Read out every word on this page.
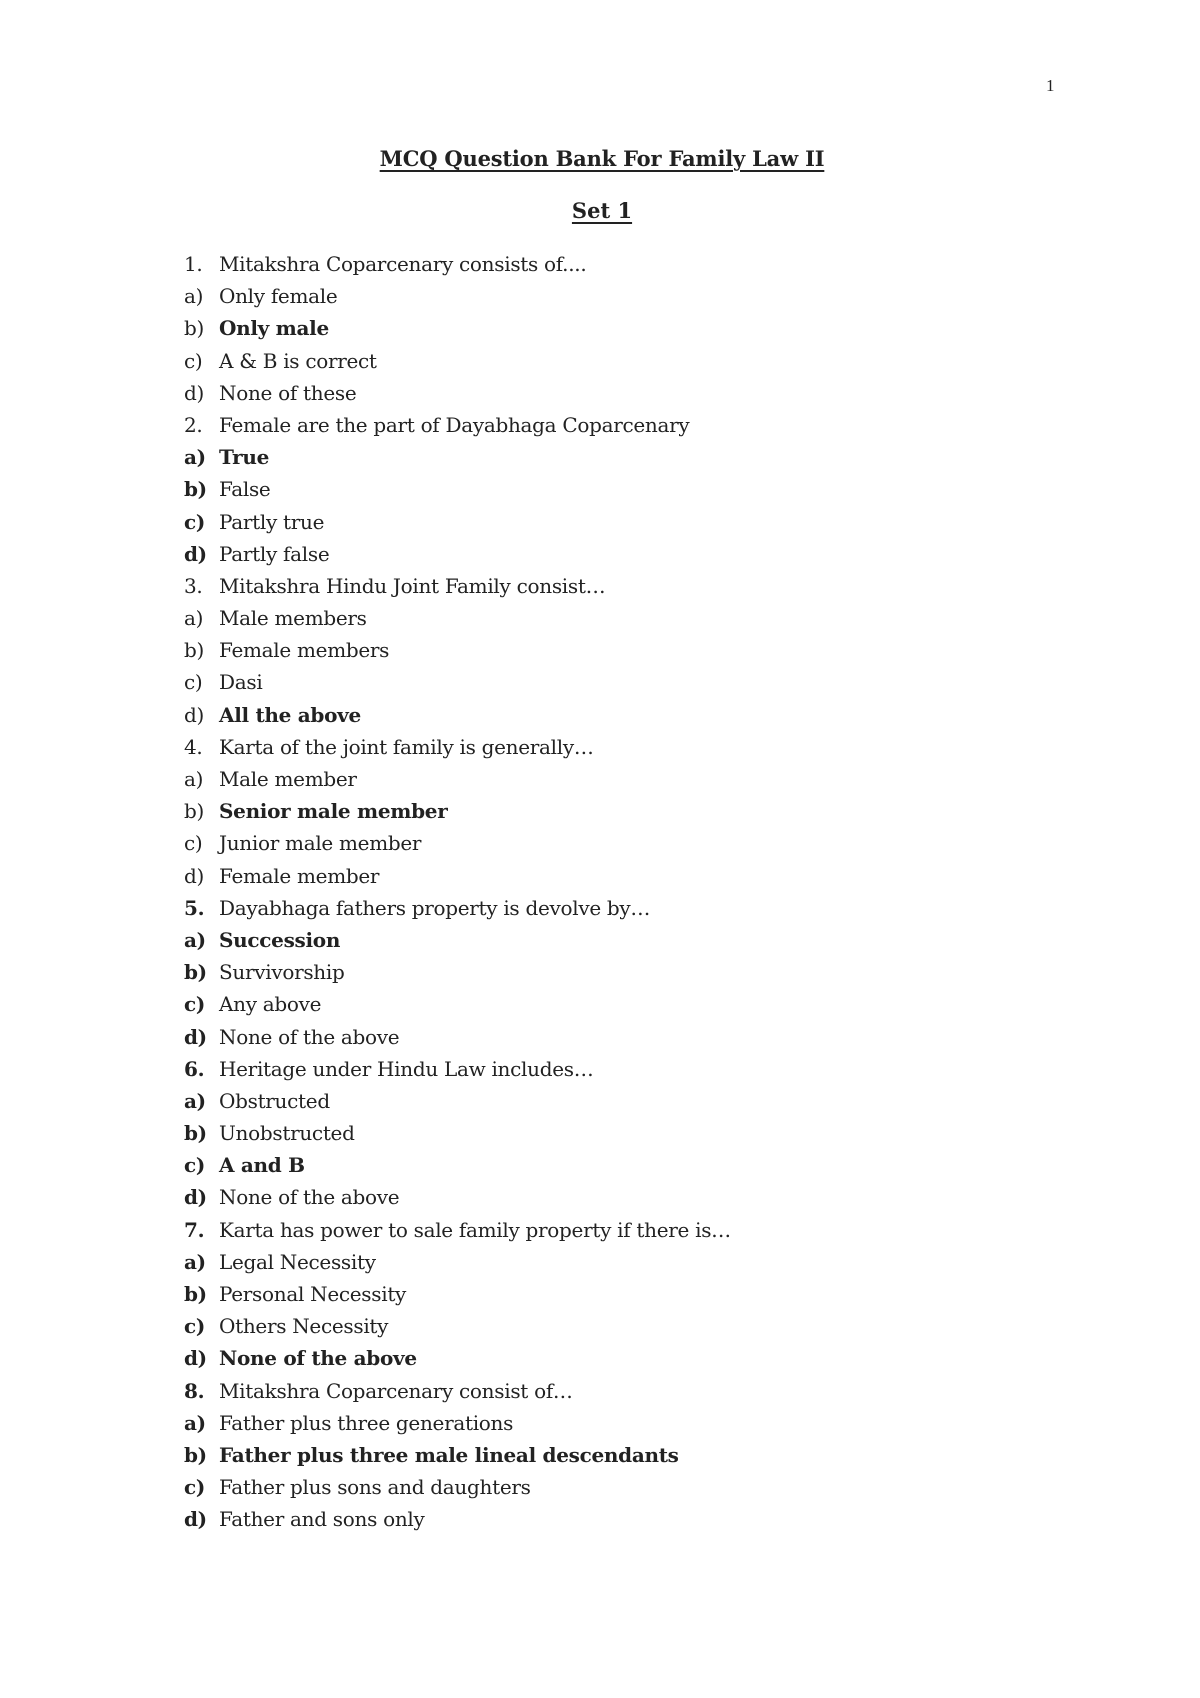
1
MCQ Question Bank For Family Law II
Set 1
1. Mitakshra Coparcenary consists of....
a) Only female
b) Only male
c) A & B is correct
d) None of these
2. Female are the part of Dayabhaga Coparcenary
a) True
b) False
c) Partly true
d) Partly false
3. Mitakshra Hindu Joint Family consist…
a) Male members
b) Female members
c) Dasi
d) All the above
4. Karta of the joint family is generally…
a) Male member
b) Senior male member
c) Junior male member
d) Female member
5. Dayabhaga fathers property is devolve by…
a) Succession
b) Survivorship
c) Any above
d) None of the above
6. Heritage under Hindu Law includes…
a) Obstructed
b) Unobstructed
c) A and B
d) None of the above
7. Karta has power to sale family property if there is…
a) Legal Necessity
b) Personal Necessity
c) Others Necessity
d) None of the above
8. Mitakshra Coparcenary consist of…
a) Father plus three generations
b) Father plus three male lineal descendants
c) Father plus sons and daughters
d) Father and sons only
